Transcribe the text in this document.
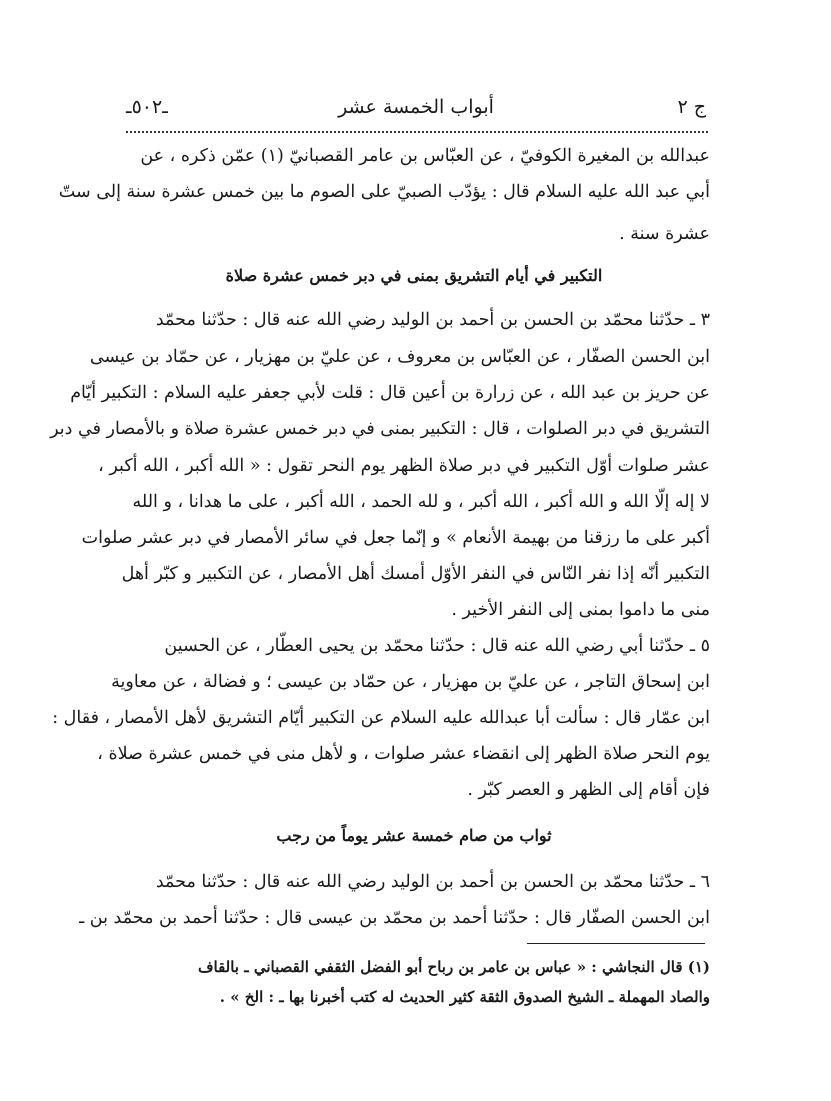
ـ٥٠٢ـ	أبواب الخمسة عشر	ج ٢
عبدالله بن المغيرة الكوفيّ ، عن العبّاس بن عامر القصبانيّ (١) عمّن ذكره ، عن
أبي عبد الله عليه السلام قال : يؤدّب الصبيّ على الصوم ما بين خمس عشرة سنة إلى ستّ
عشرة سنة .
التكبير في أيام التشريق بمنى في دبر خمس عشرة صلاة
٣ ـ حدّثنا محمّد بن الحسن بن أحمد بن الوليد رضي الله عنه قال : حدّثنا محمّد
ابن الحسن الصفّار ، عن العبّاس بن معروف ، عن عليّ بن مهزيار ، عن حمّاد بن عيسى
عن حريز بن عبد الله ، عن زرارة بن أعين قال : قلت لأبي جعفر عليه السلام : التكبير أيّام
التشريق في دبر الصلوات ، قال : التكبير بمنى في دبر خمس عشرة صلاة و بالأمصار في دبر
عشر صلوات أوّل التكبير في دبر صلاة الظهر يوم النحر تقول : « الله أكبر ، الله أكبر ،
لا إله إلّا الله و الله أكبر ، الله أكبر ، و لله الحمد ، الله أكبر ، على ما هدانا ، و الله
أكبر على ما رزقنا من بهيمة الأنعام » و إنّما جعل في سائر الأمصار في دبر عشر صلوات
التكبير أنّه إذا نفر النّاس في النفر الأوّل أمسك أهل الأمصار ، عن التكبير و كبّر أهل
منى ما داموا بمنى إلى النفر الأخير .
٥ ـ حدّثنا أبي رضي الله عنه قال : حدّثنا محمّد بن يحيى العطّار ، عن الحسين
ابن إسحاق التاجر ، عن عليّ بن مهزيار ، عن حمّاد بن عيسى ؛ و فضالة ، عن معاوية
ابن عمّار قال : سألت أبا عبدالله عليه السلام عن التكبير أيّام التشريق لأهل الأمصار ، فقال :
يوم النحر صلاة الظهر إلى انقضاء عشر صلوات ، و لأهل منى في خمس عشرة صلاة ،
فإن أقام إلى الظهر و العصر كبّر .
ثواب من صام خمسة عشر يوماً من رجب
٦ ـ حدّثنا محمّد بن الحسن بن أحمد بن الوليد رضي الله عنه قال : حدّثنا محمّد
ابن الحسن الصفّار قال : حدّثنا أحمد بن محمّد بن عيسى قال : حدّثنا أحمد بن محمّد بن ـ
(١) قال النجاشي : « عباس بن عامر بن رباح أبو الفضل الثقفي القصباني ـ بالقاف
والصاد المهملة ـ الشيخ الصدوق الثقة كثير الحديث له كتب أخبرنا بها ـ : الخ » .
